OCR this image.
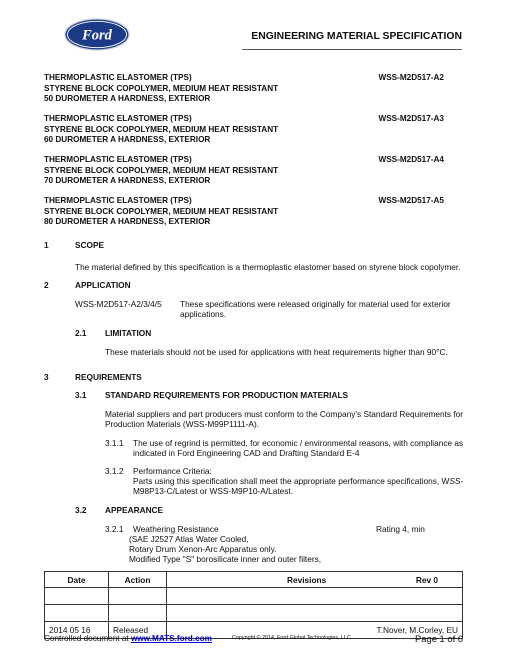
Ford	ENGINEERING MATERIAL SPECIFICATION
THERMOPLASTIC ELASTOMER (TPS)
STYRENE BLOCK COPOLYMER, MEDIUM HEAT RESISTANT
50 DUROMETER A HARDNESS, EXTERIOR
WSS-M2D517-A2
THERMOPLASTIC ELASTOMER (TPS)
STYRENE BLOCK COPOLYMER, MEDIUM HEAT RESISTANT
60 DUROMETER A HARDNESS, EXTERIOR
WSS-M2D517-A3
THERMOPLASTIC ELASTOMER (TPS)
STYRENE BLOCK COPOLYMER, MEDIUM HEAT RESISTANT
70 DUROMETER A HARDNESS, EXTERIOR
WSS-M2D517-A4
THERMOPLASTIC ELASTOMER (TPS)
STYRENE BLOCK COPOLYMER, MEDIUM HEAT RESISTANT
80 DUROMETER A HARDNESS, EXTERIOR
WSS-M2D517-A5
1	SCOPE
The material defined by this specification is a thermoplastic elastomer based on styrene block copolymer.
2	APPLICATION
WSS-M2D517-A2/3/4/5 These specifications were released originally for material used for exterior applications.
2.1 LIMITATION
These materials should not be used for applications with heat requirements higher than 90°C.
3	REQUIREMENTS
3.1 STANDARD REQUIREMENTS FOR PRODUCTION MATERIALS
Material suppliers and part producers must conform to the Company's Standard Requirements for Production Materials (WSS-M99P1111-A).
3.1.1 The use of regrind is permitted, for economic / environmental reasons, with compliance as indicated in Ford Engineering CAD and Drafting Standard E-4
3.1.2 Performance Criteria:
Parts using this specification shall meet the appropriate performance specifications, WSS-
M98P13-C/Latest or WSS-M9P10-A/Latest.
3.2 APPEARANCE
3.2.1 Weathering Resistance	Rating 4, min
(SAE J2527 Atlas Water Cooled,
Rotary Drum Xenon-Arc Apparatus only.
Modified Type "S" borosilicate inner and outer filters,
Date	Action	Revisions Rev 0

2014 05 16	Released	T.Nover, M.Corley, EU
Controlled document at www.MATS.ford.com	Copyright © 2014, Ford Global Technologies, LLC	Page 1 of 6
